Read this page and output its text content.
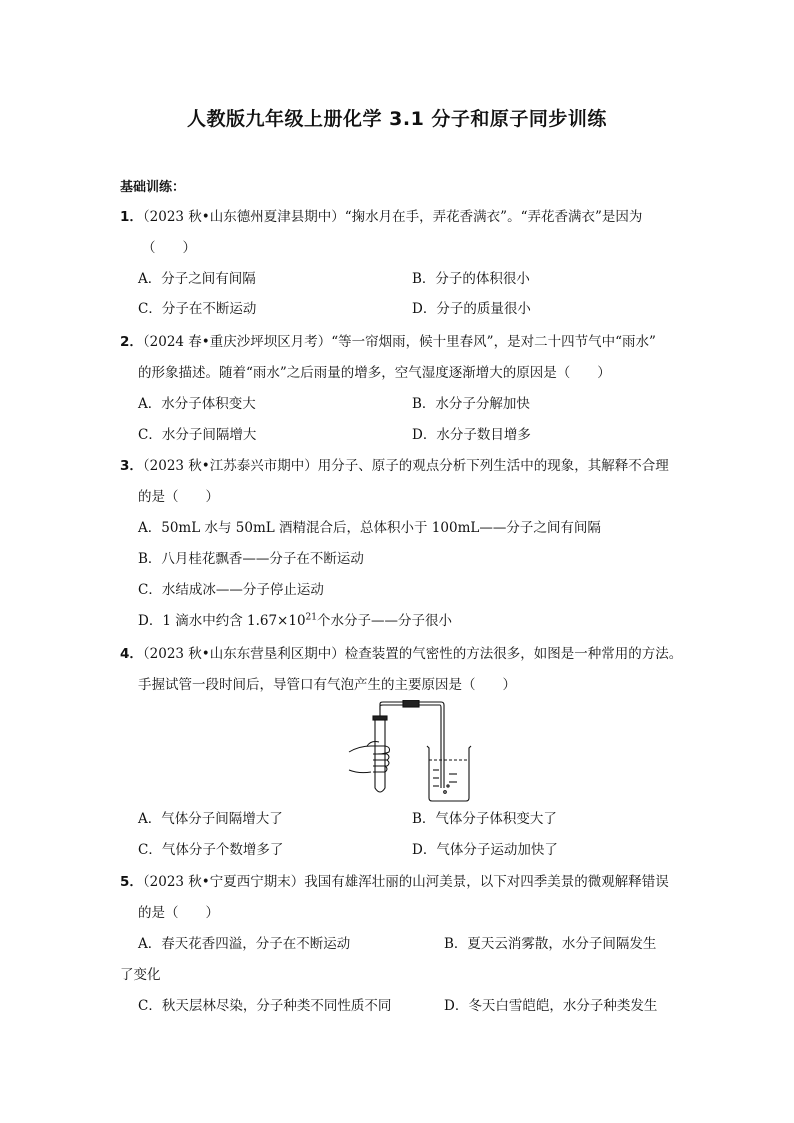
人教版九年级上册化学 3.1 分子和原子同步训练
基础训练：
1．（2023 秋•山东德州夏津县期中）“掬水月在手，弄花香满衣”。“弄花香满衣”是因为
（　　）
A．分子之间有间隔	B．分子的体积很小
C．分子在不断运动	D．分子的质量很小
2．（2024 春•重庆沙坪坝区月考）“等一帘烟雨，候十里春风”，是对二十四节气中“雨水”
的形象描述。随着“雨水”之后雨量的增多，空气湿度逐渐增大的原因是（　　）
A．水分子体积变大	B．水分子分解加快
C．水分子间隔增大	D．水分子数目增多
3．（2023 秋•江苏泰兴市期中）用分子、原子的观点分析下列生活中的现象，其解释不合理
的是（　　）
A．50mL 水与 50mL 酒精混合后，总体积小于 100mL——分子之间有间隔
B．八月桂花飘香——分子在不断运动
C．水结成冰——分子停止运动
D．1 滴水中约含 $1.67\times 10^{21}$个水分子——分子很小
4．（2023 秋•山东东营垦利区期中）检查装置的气密性的方法很多，如图是一种常用的方法。
手握试管一段时间后，导管口有气泡产生的主要原因是（　　）
A．气体分子间隔增大了	B．气体分子体积变大了
C．气体分子个数增多了	D．气体分子运动加快了
5．（2023 秋•宁夏西宁期末）我国有雄浑壮丽的山河美景，以下对四季美景的微观解释错误
的是（　　）
A．春天花香四溢，分子在不断运动	B．夏天云消雾散，水分子间隔发生
了变化
C．秋天层林尽染，分子种类不同性质不同	D．冬天白雪皑皑，水分子种类发生
